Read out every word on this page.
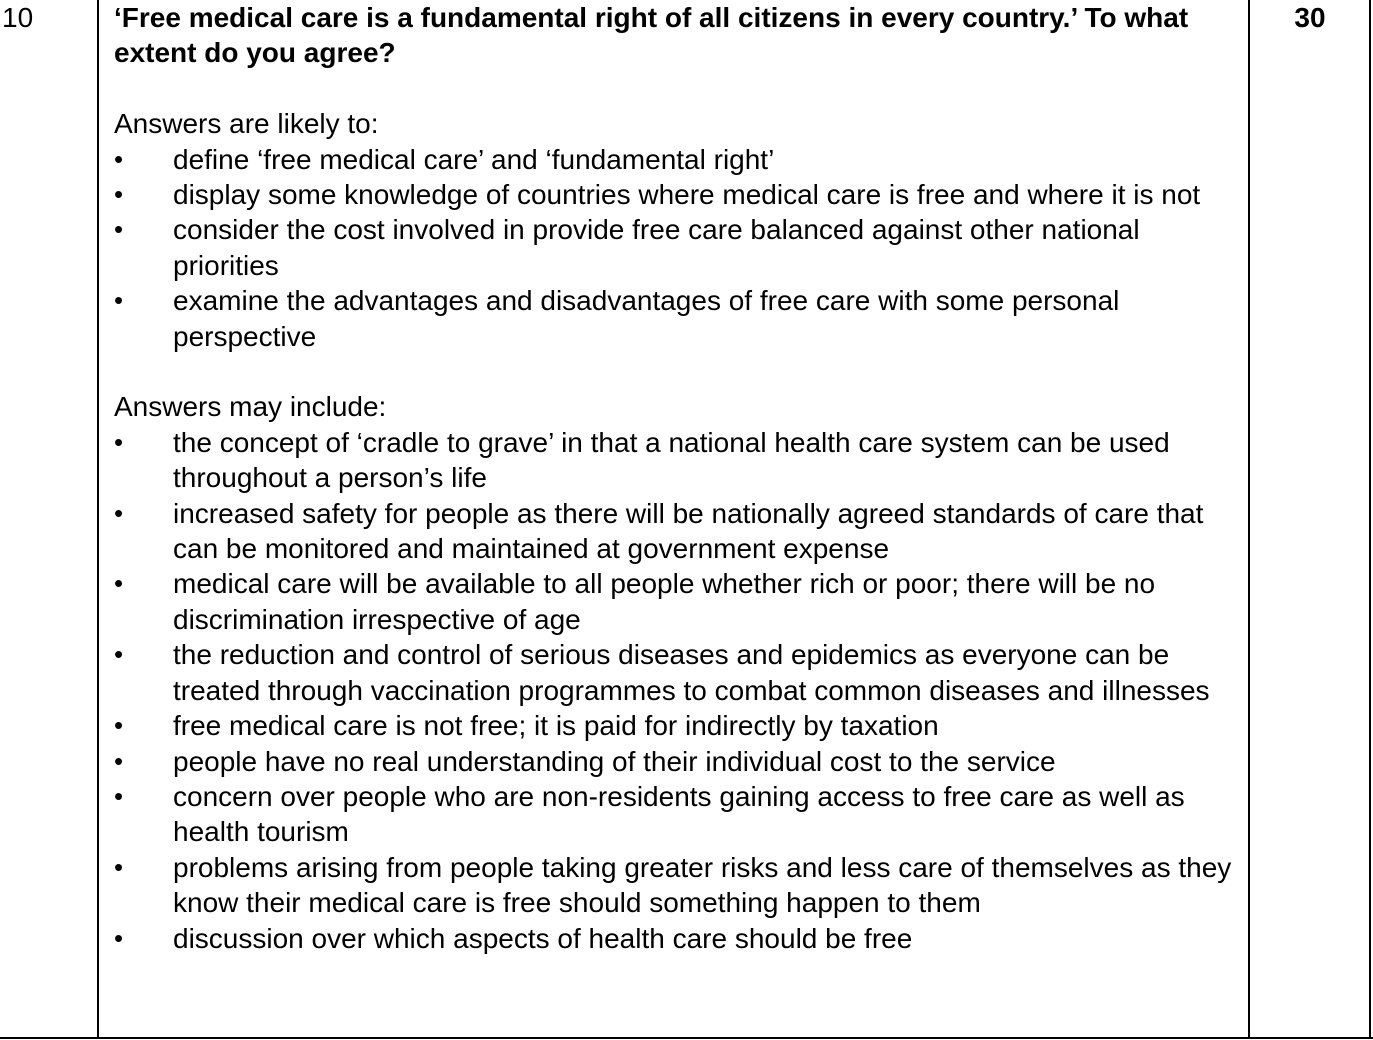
10	‘Free medical care is a fundamental right of all citizens in every country.’ To what extent do you agree?

Answers are likely to:

• define ‘free medical care’ and ‘fundamental right’
• display some knowledge of countries where medical care is free and where it is not
• consider the cost involved in provide free care balanced against other national priorities
• examine the advantages and disadvantages of free care with some personal perspective

Answers may include:

• the concept of ‘cradle to grave’ in that a national health care system can be used throughout a person’s life
• increased safety for people as there will be nationally agreed standards of care that can be monitored and maintained at government expense
• medical care will be available to all people whether rich or poor; there will be no discrimination irrespective of age
• the reduction and control of serious diseases and epidemics as everyone can be treated through vaccination programmes to combat common diseases and illnesses
• free medical care is not free; it is paid for indirectly by taxation
• people have no real understanding of their individual cost to the service
• concern over people who are non-residents gaining access to free care as well as health tourism
• problems arising from people taking greater risks and less care of themselves as they know their medical care is free should something happen to them
• discussion over which aspects of health care should be free
30
